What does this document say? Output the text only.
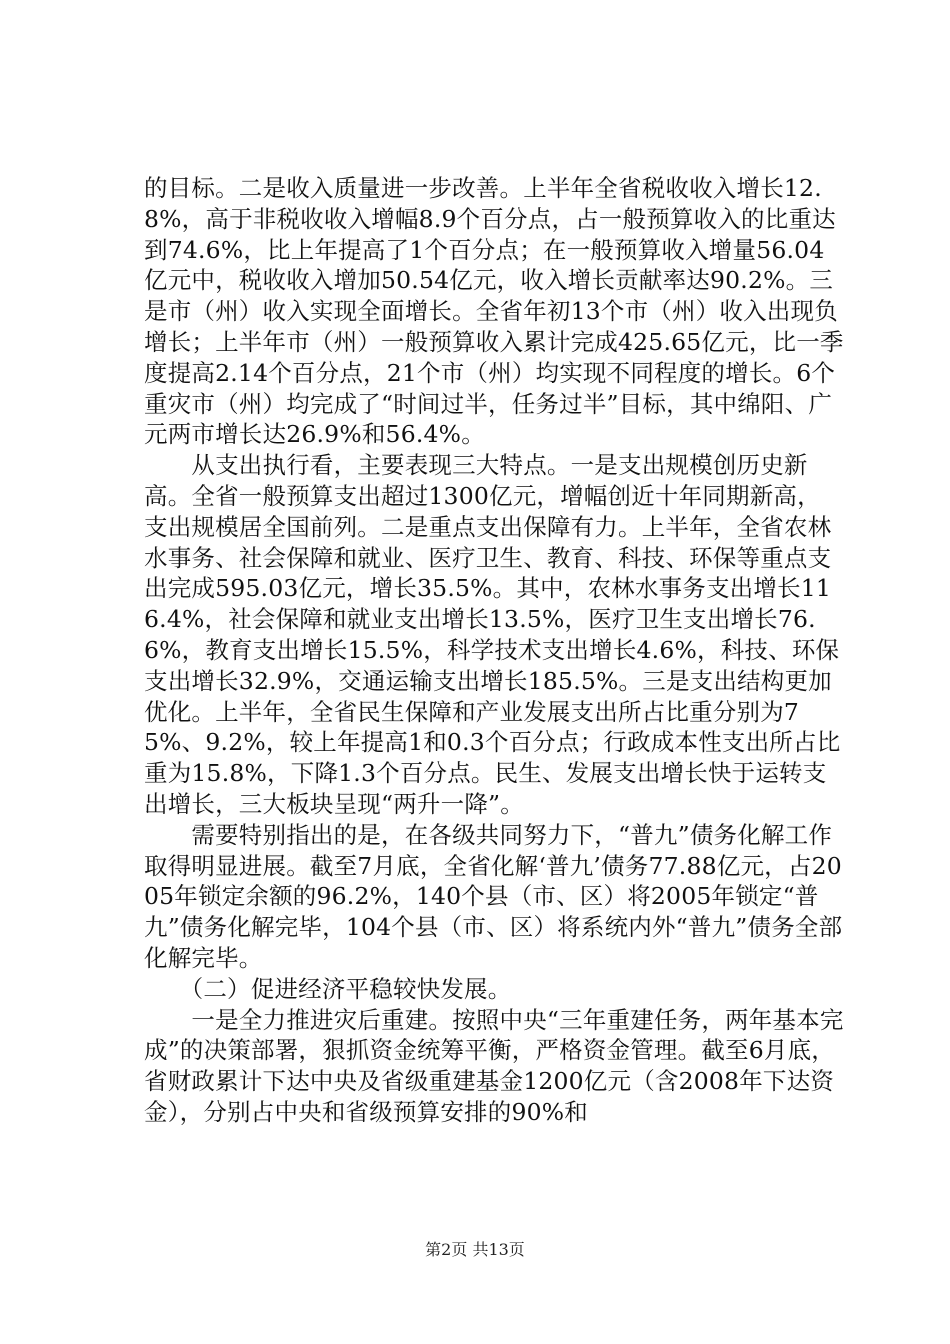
的目标。二是收入质量进一步改善。上半年全省税收收入增长12.8%，高于非税收收入增幅8.9个百分点，占一般预算收入的比重达到74.6%，比上年提高了1个百分点；在一般预算收入增量56.04亿元中，税收收入增加50.54亿元，收入增长贡献率达90.2%。三是市（州）收入实现全面增长。全省年初13个市（州）收入出现负增长；上半年市（州）一般预算收入累计完成425.65亿元，比一季度提高2.14个百分点，21个市（州）均实现不同程度的增长。6个重灾市（州）均完成了“时间过半，任务过半”目标，其中绵阳、广元两市增长达26.9%和56.4%。

　　从支出执行看，主要表现三大特点。一是支出规模创历史新高。全省一般预算支出超过1300亿元，增幅创近十年同期新高，支出规模居全国前列。二是重点支出保障有力。上半年，全省农林水事务、社会保障和就业、医疗卫生、教育、科技、环保等重点支出完成595.03亿元，增长35.5%。其中，农林水事务支出增长116.4%，社会保障和就业支出增长13.5%，医疗卫生支出增长76.6%，教育支出增长15.5%，科学技术支出增长4.6%，科技、环保支出增长32.9%，交通运输支出增长185.5%。三是支出结构更加优化。上半年，全省民生保障和产业发展支出所占比重分别为75%、9.2%，较上年提高1和0.3个百分点；行政成本性支出所占比重为15.8%，下降1.3个百分点。民生、发展支出增长快于运转支出增长，三大板块呈现“两升一降”。

　　需要特别指出的是，在各级共同努力下，“普九”债务化解工作取得明显进展。截至7月底，全省化解‘普九’债务77.88亿元，占2005年锁定余额的96.2%，140个县（市、区）将2005年锁定“普九”债务化解完毕，104个县（市、区）将系统内外“普九”债务全部化解完毕。

　　（二）促进经济平稳较快发展。

　　一是全力推进灾后重建。按照中央“三年重建任务，两年基本完成”的决策部署，狠抓资金统筹平衡，严格资金管理。截至6月底，省财政累计下达中央及省级重建基金1200亿元（含2008年下达资金），分别占中央和省级预算安排的90%和

第2页 共13页
